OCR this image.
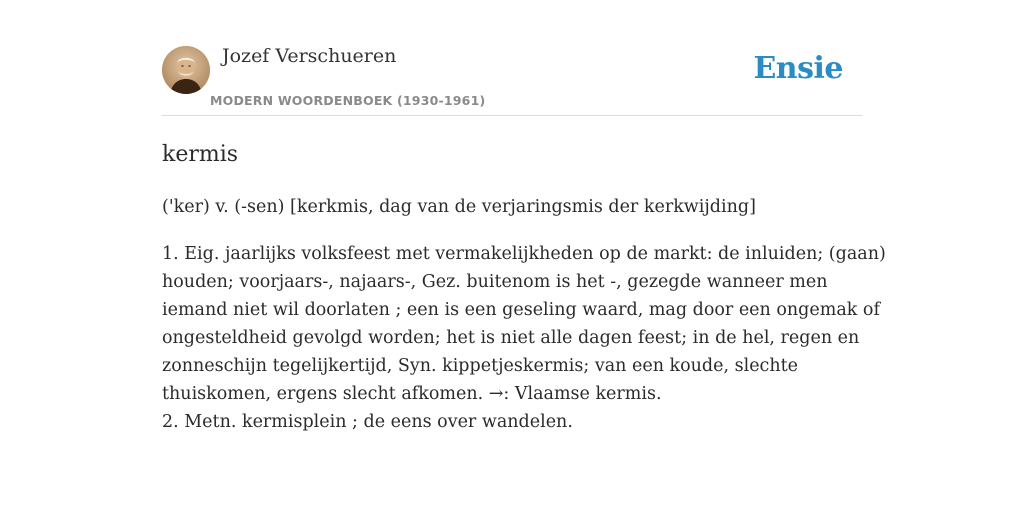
Jozef Verschueren
MODERN WOORDENBOEK (1930-1961)
Ensie
kermis
('ker) v. (-sen) [kerkmis, dag van de verjaringsmis der kerkwijding]
1. Eig. jaarlijks volksfeest met vermakelijkheden op de markt: de inluiden; (gaan)
houden; voorjaars-, najaars-, Gez. buitenom is het -, gezegde wanneer men
iemand niet wil doorlaten ; een is een geseling waard, mag door een ongemak of
ongesteldheid gevolgd worden; het is niet alle dagen feest; in de hel, regen en
zonneschijn tegelijkertijd, Syn. kippetjeskermis; van een koude, slechte
thuiskomen, ergens slecht afkomen. →: Vlaamse kermis.
2. Metn. kermisplein ; de eens over wandelen.
